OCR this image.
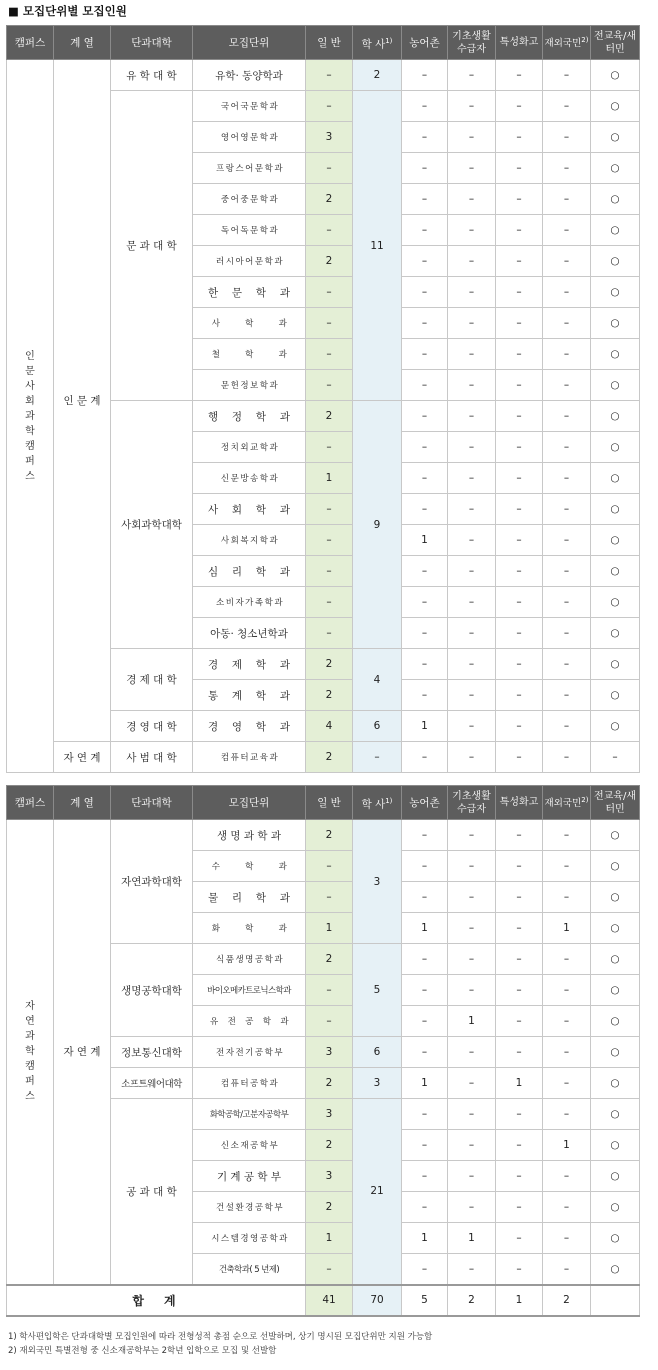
■ 모집단위별 모집인원
캠퍼스	계 열	단과대학	모집단위	일 반	학 사$^{1)}$	농어촌	기초생활수급자	특성화고	재외국민$^{2)}$	전교육/새터민
인문사회과학캠퍼스	인 문 계	유 학 대 학	유학· 동양학과	–	2	–	–	–	–	○
		문 과 대 학	국 어 국 문 학 과	–	11	–	–	–	–	○
			영 어 영 문 학 과	3		–	–	–	–	○
			프 랑 스 어 문 학 과	–		–	–	–	–	○
			중 어 중 문 학 과	2		–	–	–	–	○
			독 어 독 문 학 과	–		–	–	–	–	○
			러 시 아 어 문 학 과	2		–	–	–	–	○
			한　 문　 학　 과	–		–	–	–	–	○
			사　　　 학　　　 과	–		–	–	–	–	○
			철　　　 학　　　 과	–		–	–	–	–	○
			문 헌 정 보 학 과	–		–	–	–	–	○
		사회과학대학	행　 정　 학　 과	2	9	–	–	–	–	○
			정 치 외 교 학 과	–		–	–	–	–	○
			신 문 방 송 학 과	1		–	–	–	–	○
			사　 회　 학　 과	–		–	–	–	–	○
			사 회 복 지 학 과	–		1	–	–	–	○
			심　 리　 학　 과	–		–	–	–	–	○
			소 비 자 가 족 학 과	–		–	–	–	–	○
			아동· 청소년학과	–		–	–	–	–	○
		경 제 대 학	경　 제　 학　 과	2	4	–	–	–	–	○
			통　 계　 학　 과	2		–	–	–	–	○
		경 영 대 학	경　 영　 학　 과	4	6	1	–	–	–	○
	자 연 계	사 범 대 학	컴 퓨 터 교 육 과	2	–	–	–	–	–	–
캠퍼스	계 열	단과대학	모집단위	일 반	학 사$^{1)}$	농어촌	기초생활수급자	특성화고	재외국민$^{2)}$	전교육/새터민
자연과학캠퍼스	자 연 계	자연과학대학	생 명 과 학 과	2	3	–	–	–	–	○
			수　　　 학　　　 과	–		–	–	–	–	○
			물　 리　 학　 과	–		–	–	–	–	○
			화　　　 학　　　 과	1		1	–	–	1	○
		생명공학대학	식 품 생 명 공 학 과	2	5	–	–	–	–	○
			바이오메카트로닉스학과	–		–	–	–	–	○
			유　 전　 공　 학　 과	–		–	1	–	–	○
		정보통신대학	전 자 전 기 공 학 부	3	6	–	–	–	–	○
		소프트웨어대학	컴 퓨 터 공 학 과	2	3	1	–	1	–	○
		공 과 대 학	화학공학/고분자공학부	3	21	–	–	–	–	○
			신 소 재 공 학 부	2		–	–	–	1	○
			기 계 공 학 부	3		–	–	–	–	○
			건 설 환 경 공 학 부	2		–	–	–	–	○
			시 스 템 경 영 공 학 과	1		1	1	–	–	○
			건축학과( 5 년제)	–		–	–	–	–	○
합　계				41	70	5	2	1	2	
1) 학사편입학은 단과대학별 모집인원에 따라 전형성적 총점 순으로 선발하며, 상기 명시된 모집단위만 지원 가능함
2) 재외국민 특별전형 중 신소재공학부는 2학년 입학으로 모집 및 선발함
